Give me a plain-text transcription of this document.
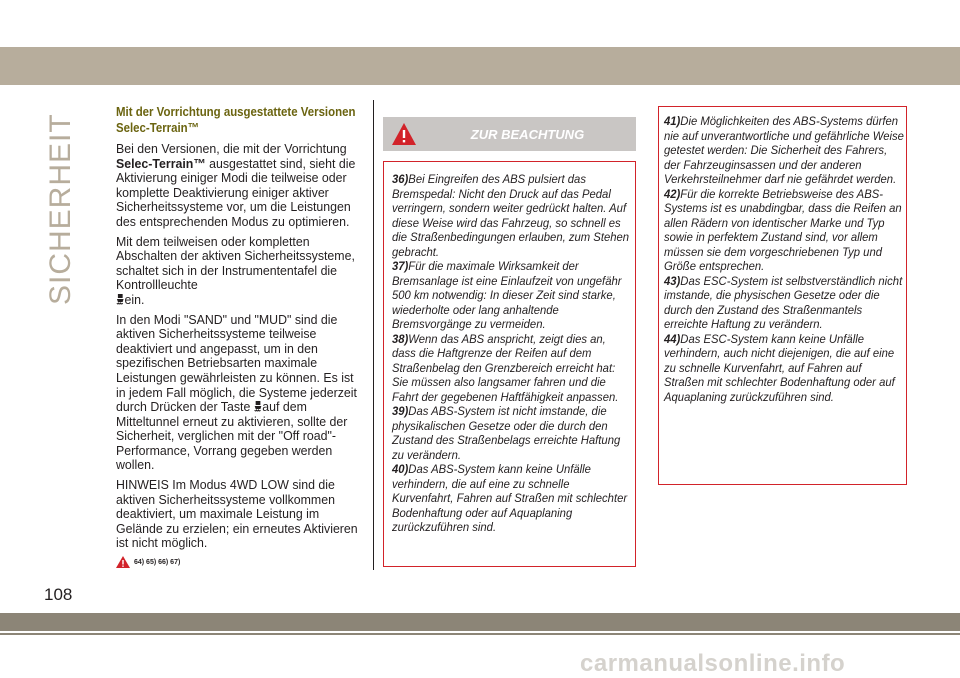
SICHERHEIT
Mit der Vorrichtung ausgestattete Versionen Selec-Terrain™

Bei den Versionen, die mit der Vorrichtung Selec-Terrain™ ausgestattet sind, sieht die Aktivierung einiger Modi die teilweise oder komplette Deaktivierung einiger aktiver Sicherheitssysteme vor, um die Leistungen des entsprechenden Modus zu optimieren.

Mit dem teilweisen oder kompletten Abschalten der aktiven Sicherheitssysteme, schaltet sich in der Instrumententafel die Kontrollleuchte
ein.

In den Modi "SAND" und "MUD" sind die aktiven Sicherheitssysteme teilweise deaktiviert und angepasst, um in den spezifischen Betriebsarten maximale Leistungen gewährleisten zu können. Es ist in jedem Fall möglich, die Systeme jederzeit durch Drücken der Taste auf dem Mitteltunnel erneut zu aktivieren, sollte der Sicherheit, verglichen mit der "Off road"-Performance, Vorrang gegeben werden wollen.

HINWEIS Im Modus 4WD LOW sind die aktiven Sicherheitssysteme vollkommen deaktiviert, um maximale Leistung im Gelände zu erzielen; ein erneutes Aktivieren ist nicht möglich.

64) 65) 66) 67)
ZUR BEACHTUNG
36)Bei Eingreifen des ABS pulsiert das Bremspedal: Nicht den Druck auf das Pedal verringern, sondern weiter gedrückt halten. Auf diese Weise wird das Fahrzeug, so schnell es die Straßenbedingungen erlauben, zum Stehen gebracht.
37)Für die maximale Wirksamkeit der Bremsanlage ist eine Einlaufzeit von ungefähr 500 km notwendig: In dieser Zeit sind starke, wiederholte oder lang anhaltende Bremsvorgänge zu vermeiden.
38)Wenn das ABS anspricht, zeigt dies an, dass die Haftgrenze der Reifen auf dem Straßenbelag den Grenzbereich erreicht hat: Sie müssen also langsamer fahren und die Fahrt der gegebenen Haftfähigkeit anpassen.
39)Das ABS-System ist nicht imstande, die physikalischen Gesetze oder die durch den Zustand des Straßenbelags erreichte Haftung zu verändern.
40)Das ABS-System kann keine Unfälle verhindern, die auf eine zu schnelle Kurvenfahrt, Fahren auf Straßen mit schlechter Bodenhaftung oder auf Aquaplaning zurückzuführen sind.
41)Die Möglichkeiten des ABS-Systems dürfen nie auf unverantwortliche und gefährliche Weise getestet werden: Die Sicherheit des Fahrers, der Fahrzeuginsassen und der anderen Verkehrsteilnehmer darf nie gefährdet werden.
42)Für die korrekte Betriebsweise des ABS-Systems ist es unabdingbar, dass die Reifen an allen Rädern von identischer Marke und Typ sowie in perfektem Zustand sind, vor allem müssen sie dem vorgeschriebenen Typ und Größe entsprechen.
43)Das ESC-System ist selbstverständlich nicht imstande, die physischen Gesetze oder die durch den Zustand des Straßenmantels erreichte Haftung zu verändern.
44)Das ESC-System kann keine Unfälle verhindern, auch nicht diejenigen, die auf eine zu schnelle Kurvenfahrt, auf Fahren auf Straßen mit schlechter Bodenhaftung oder auf Aquaplaning zurückzuführen sind.
108
carmanualsonline.info
